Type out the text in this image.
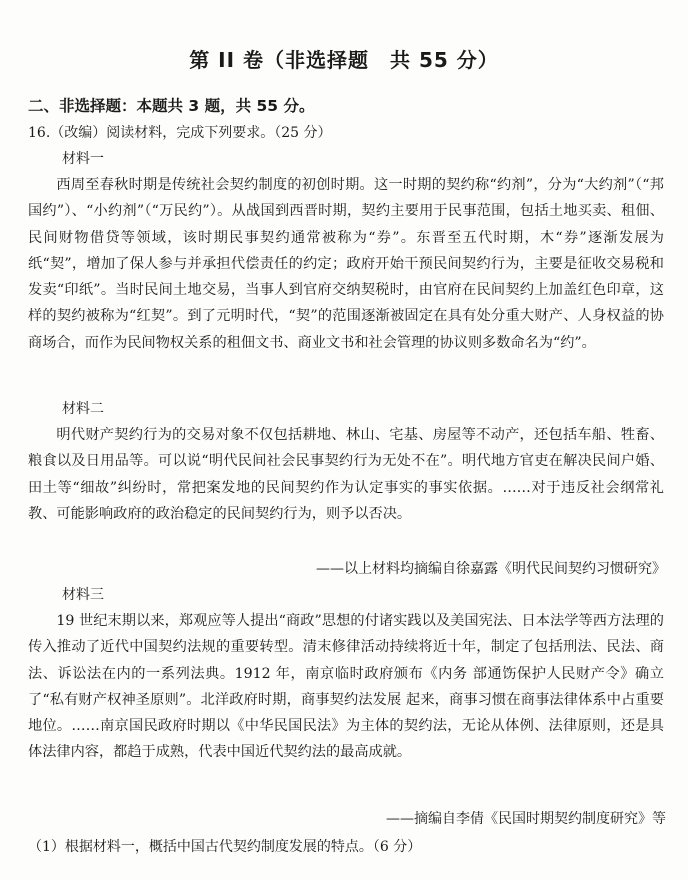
第 II 卷（非选择题　共 55 分）
二、非选择题：本题共 3 题，共 55 分。
16.（改编）阅读材料，完成下列要求。（25 分）
材料一
西周至春秋时期是传统社会契约制度的初创时期。这一时期的契约称“约剂”，分为“大约剂”（“邦国约”）、“小约剂”（“万民约”）。从战国到西晋时期，契约主要用于民事范围，包括土地买卖、租佃、民间财物借贷等领域，该时期民事契约通常被称为“券”。东晋至五代时期，木“券”逐渐发展为纸“契”，增加了保人参与并承担代偿责任的约定；政府开始干预民间契约行为，主要是征收交易税和发卖“印纸”。当时民间土地交易，当事人到官府交纳契税时，由官府在民间契约上加盖红色印章，这样的契约被称为“红契”。到了元明时代，“契”的范围逐渐被固定在具有处分重大财产、人身权益的协商场合，而作为民间物权关系的租佃文书、商业文书和社会管理的协议则多数命名为“约”。
材料二
明代财产契约行为的交易对象不仅包括耕地、林山、宅基、房屋等不动产，还包括车船、牲畜、粮食以及日用品等。可以说“明代民间社会民事契约行为无处不在”。明代地方官吏在解决民间户婚、田土等“细故”纠纷时，常把案发地的民间契约作为认定事实的事实依据。……对于违反社会纲常礼教、可能影响政府的政治稳定的民间契约行为，则予以否决。
——以上材料均摘编自徐嘉露《明代民间契约习惯研究》
材料三
19 世纪末期以来，郑观应等人提出“商政”思想的付诸实践以及美国宪法、日本法学等西方法理的传入推动了近代中国契约法规的重要转型。清末修律活动持续将近十年，制定了包括刑法、民法、商法、诉讼法在内的一系列法典。1912 年，南京临时政府颁布《内务 部通饬保护人民财产令》确立了“私有财产权神圣原则”。北洋政府时期，商事契约法发展 起来，商事习惯在商事法律体系中占重要地位。……南京国民政府时期以《中华民国民法》为主体的契约法，无论从体例、法律原则，还是具体法律内容，都趋于成熟，代表中国近代契约法的最高成就。
——摘编自李倩《民国时期契约制度研究》等
（1）根据材料一，概括中国古代契约制度发展的特点。（6 分）
